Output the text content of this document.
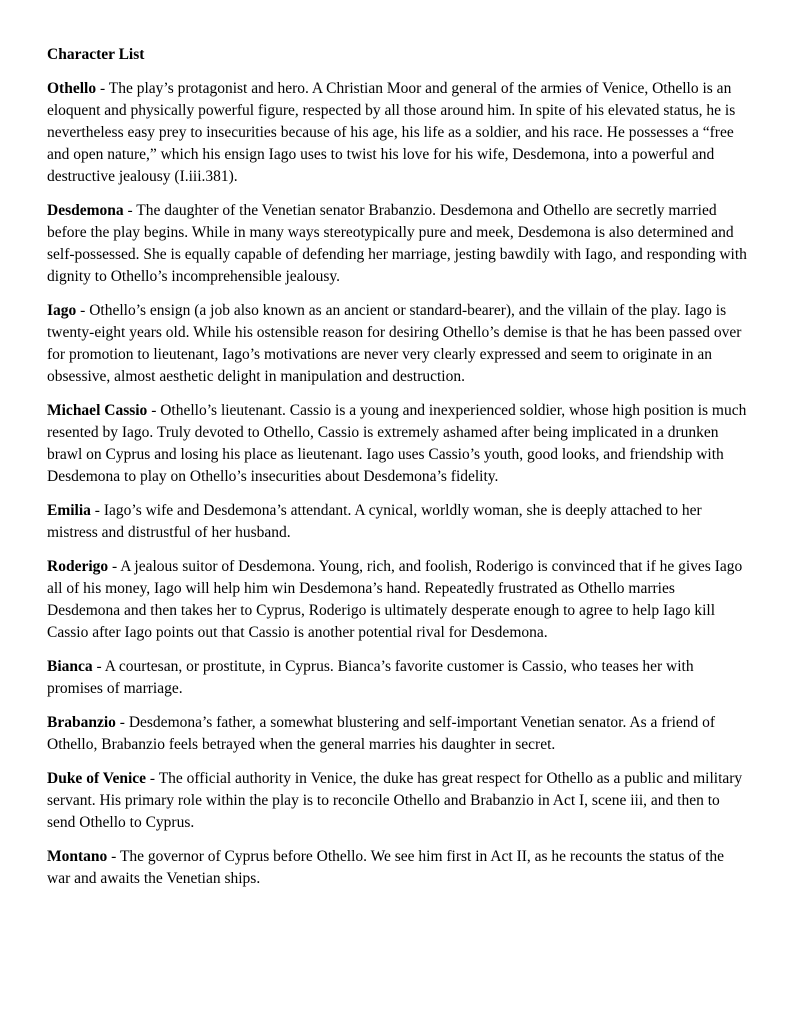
Character List

Othello - The play’s protagonist and hero. A Christian Moor and general of the armies of Venice, Othello is an eloquent and physically powerful figure, respected by all those around him. In spite of his elevated status, he is nevertheless easy prey to insecurities because of his age, his life as a soldier, and his race. He possesses a “free and open nature,” which his ensign Iago uses to twist his love for his wife, Desdemona, into a powerful and destructive jealousy (I.iii.381).

Desdemona - The daughter of the Venetian senator Brabanzio. Desdemona and Othello are secretly married before the play begins. While in many ways stereotypically pure and meek, Desdemona is also determined and self-possessed. She is equally capable of defending her marriage, jesting bawdily with Iago, and responding with dignity to Othello’s incomprehensible jealousy.

Iago - Othello’s ensign (a job also known as an ancient or standard-bearer), and the villain of the play. Iago is twenty-eight years old. While his ostensible reason for desiring Othello’s demise is that he has been passed over for promotion to lieutenant, Iago’s motivations are never very clearly expressed and seem to originate in an obsessive, almost aesthetic delight in manipulation and destruction.

Michael Cassio - Othello’s lieutenant. Cassio is a young and inexperienced soldier, whose high position is much resented by Iago. Truly devoted to Othello, Cassio is extremely ashamed after being implicated in a drunken brawl on Cyprus and losing his place as lieutenant. Iago uses Cassio’s youth, good looks, and friendship with Desdemona to play on Othello’s insecurities about Desdemona’s fidelity.

Emilia - Iago’s wife and Desdemona’s attendant. A cynical, worldly woman, she is deeply attached to her mistress and distrustful of her husband.

Roderigo - A jealous suitor of Desdemona. Young, rich, and foolish, Roderigo is convinced that if he gives Iago all of his money, Iago will help him win Desdemona’s hand. Repeatedly frustrated as Othello marries Desdemona and then takes her to Cyprus, Roderigo is ultimately desperate enough to agree to help Iago kill Cassio after Iago points out that Cassio is another potential rival for Desdemona.

Bianca - A courtesan, or prostitute, in Cyprus. Bianca’s favorite customer is Cassio, who teases her with promises of marriage.

Brabanzio - Desdemona’s father, a somewhat blustering and self-important Venetian senator. As a friend of Othello, Brabanzio feels betrayed when the general marries his daughter in secret.

Duke of Venice - The official authority in Venice, the duke has great respect for Othello as a public and military servant. His primary role within the play is to reconcile Othello and Brabanzio in Act I, scene iii, and then to send Othello to Cyprus.

Montano - The governor of Cyprus before Othello. We see him first in Act II, as he recounts the status of the war and awaits the Venetian ships.
